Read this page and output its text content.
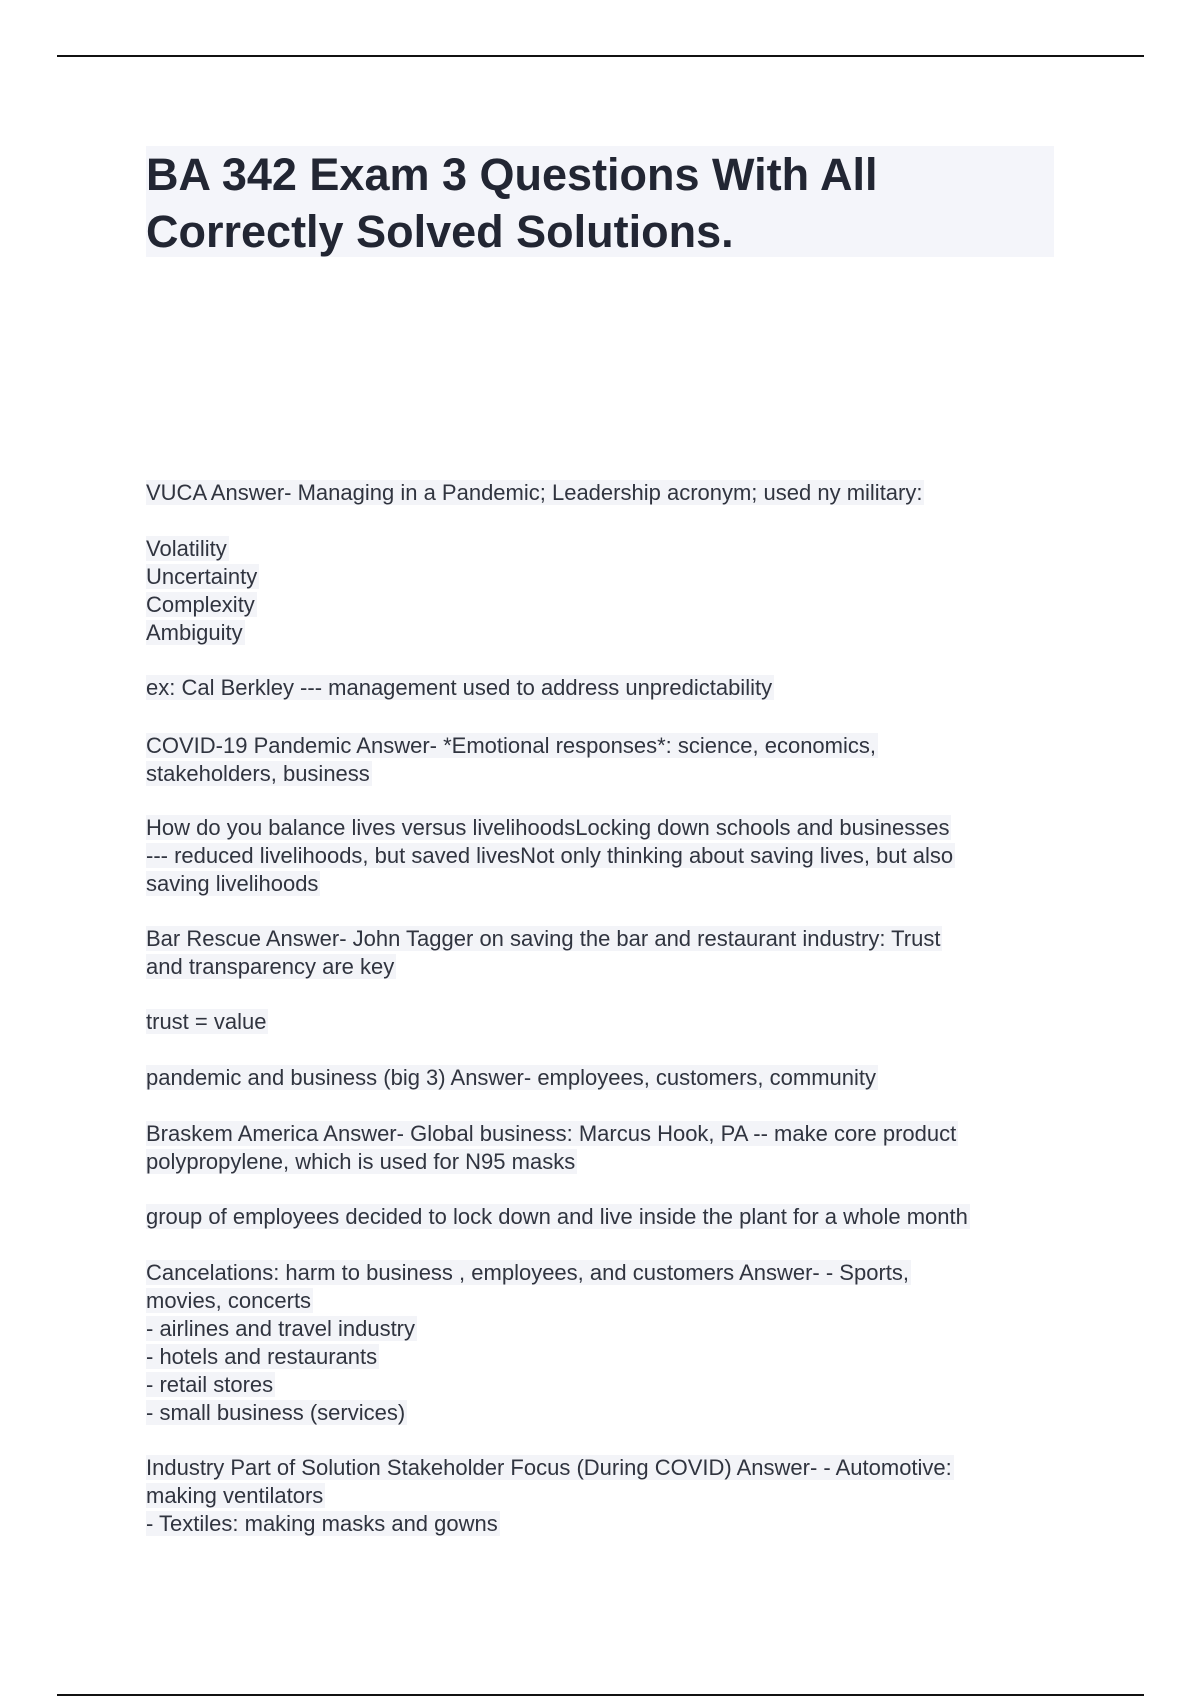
BA 342 Exam 3 Questions With All
Correctly Solved Solutions.
VUCA Answer- Managing in a Pandemic; Leadership acronym; used ny military:
Volatility
Uncertainty
Complexity
Ambiguity
ex: Cal Berkley --- management used to address unpredictability
COVID-19 Pandemic Answer- *Emotional responses*: science, economics,
stakeholders, business
How do you balance lives versus livelihoodsLocking down schools and businesses
--- reduced livelihoods, but saved livesNot only thinking about saving lives, but also
saving livelihoods
Bar Rescue Answer- John Tagger on saving the bar and restaurant industry: Trust
and transparency are key
trust = value
pandemic and business (big 3) Answer- employees, customers, community
Braskem America Answer- Global business: Marcus Hook, PA -- make core product
polypropylene, which is used for N95 masks
group of employees decided to lock down and live inside the plant for a whole month
Cancelations: harm to business , employees, and customers Answer- - Sports,
movies, concerts
- airlines and travel industry
- hotels and restaurants
- retail stores
- small business (services)
Industry Part of Solution Stakeholder Focus (During COVID) Answer- - Automotive:
making ventilators
- Textiles: making masks and gowns
